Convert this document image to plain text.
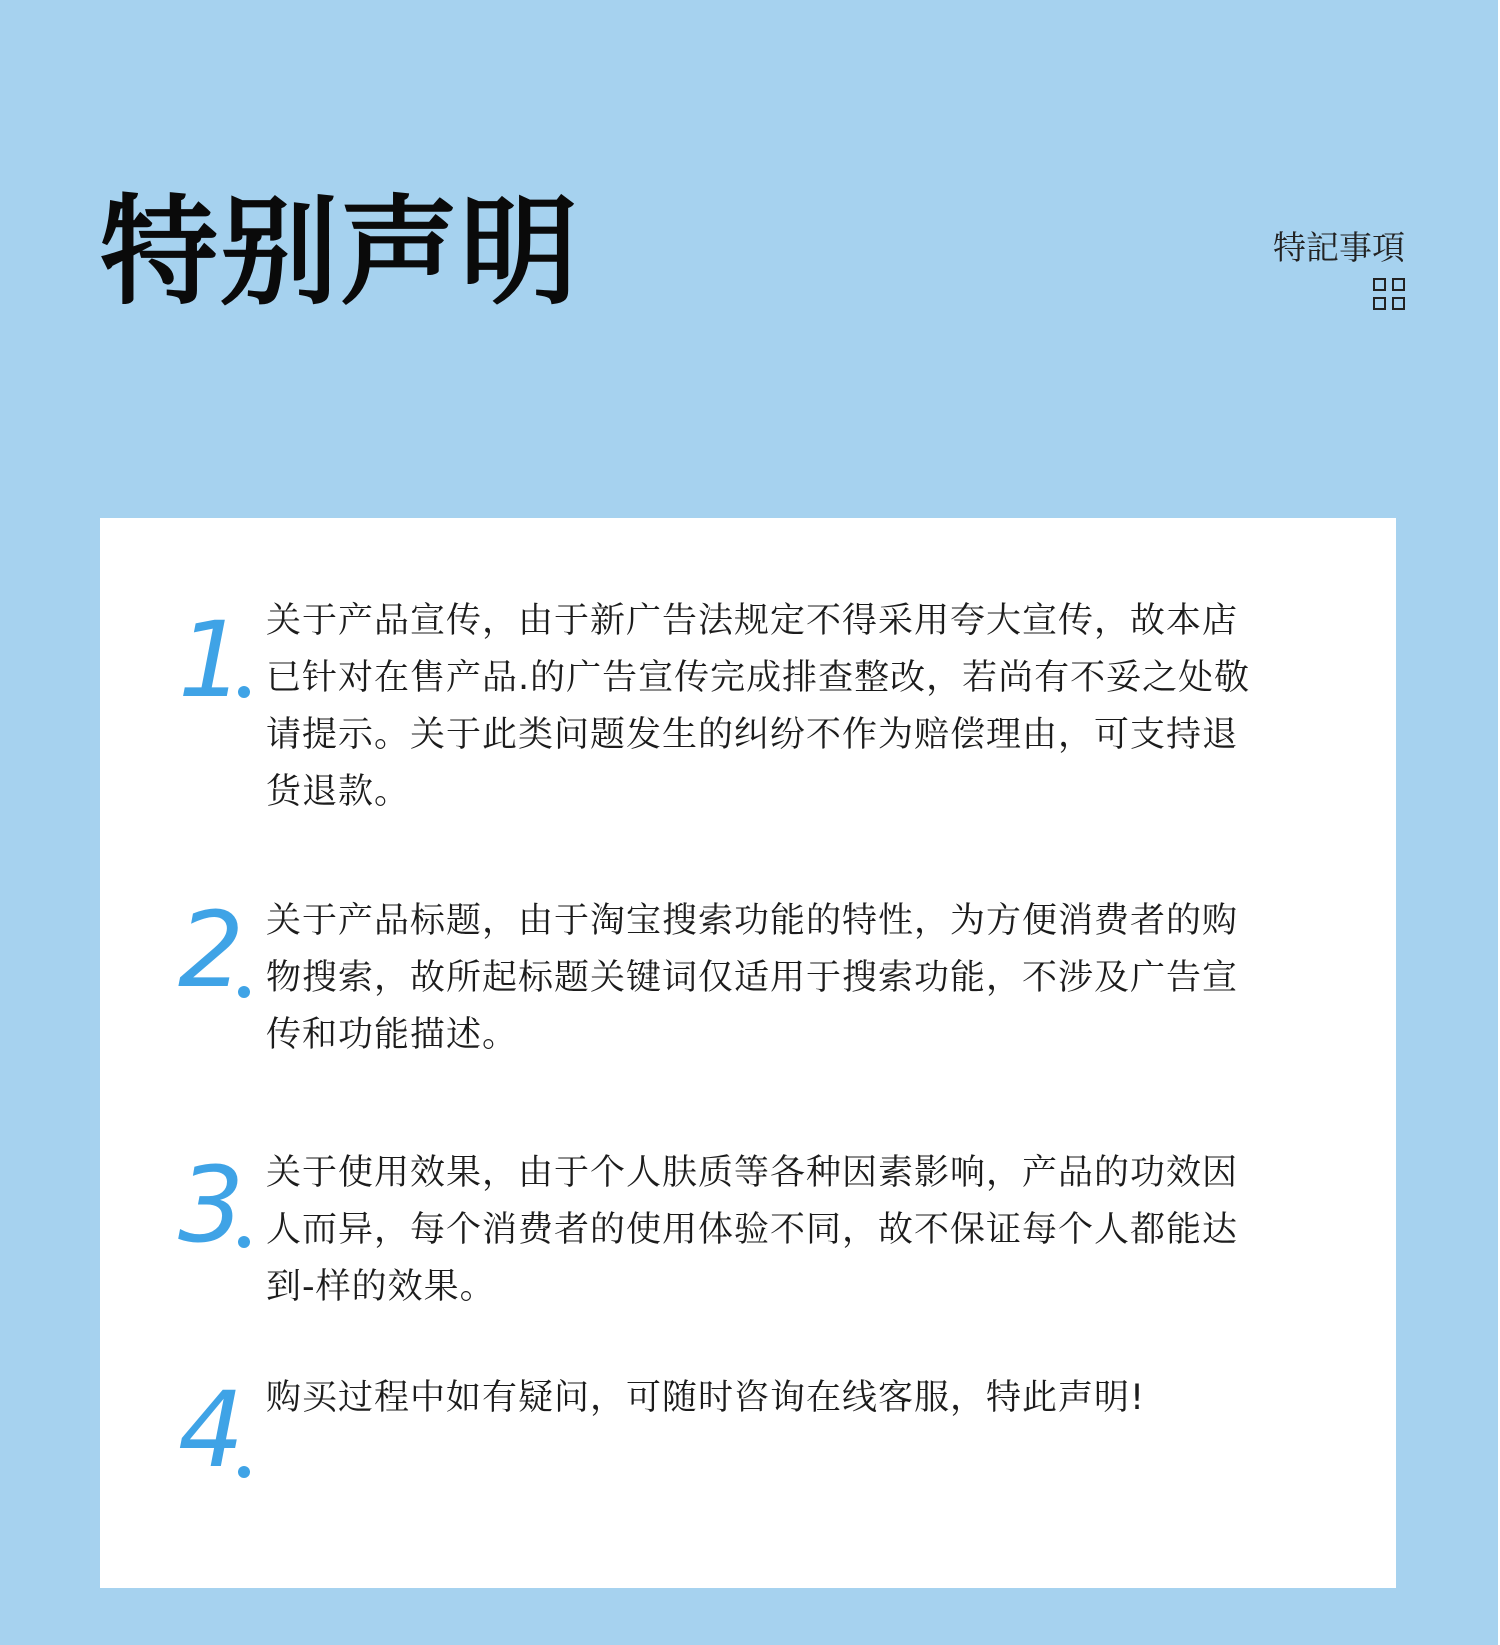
特别声明	特記事項
1 关于产品宣传，由于新广告法规定不得采用夸大宣传，故本店已针对在售产品.的广告宣传完成排查整改，若尚有不妥之处敬请提示。关于此类问题发生的纠纷不作为赔偿理由，可支持退货退款。

2 关于产品标题，由于淘宝搜索功能的特性，为方便消费者的购物搜索，故所起标题关键词仅适用于搜索功能，不涉及广告宣传和功能描述。

3 关于使用效果，由于个人肤质等各种因素影响，产品的功效因人而异，每个消费者的使用体验不同，故不保证每个人都能达到-样的效果。

4 购买过程中如有疑问，可随时咨询在线客服，特此声明!
